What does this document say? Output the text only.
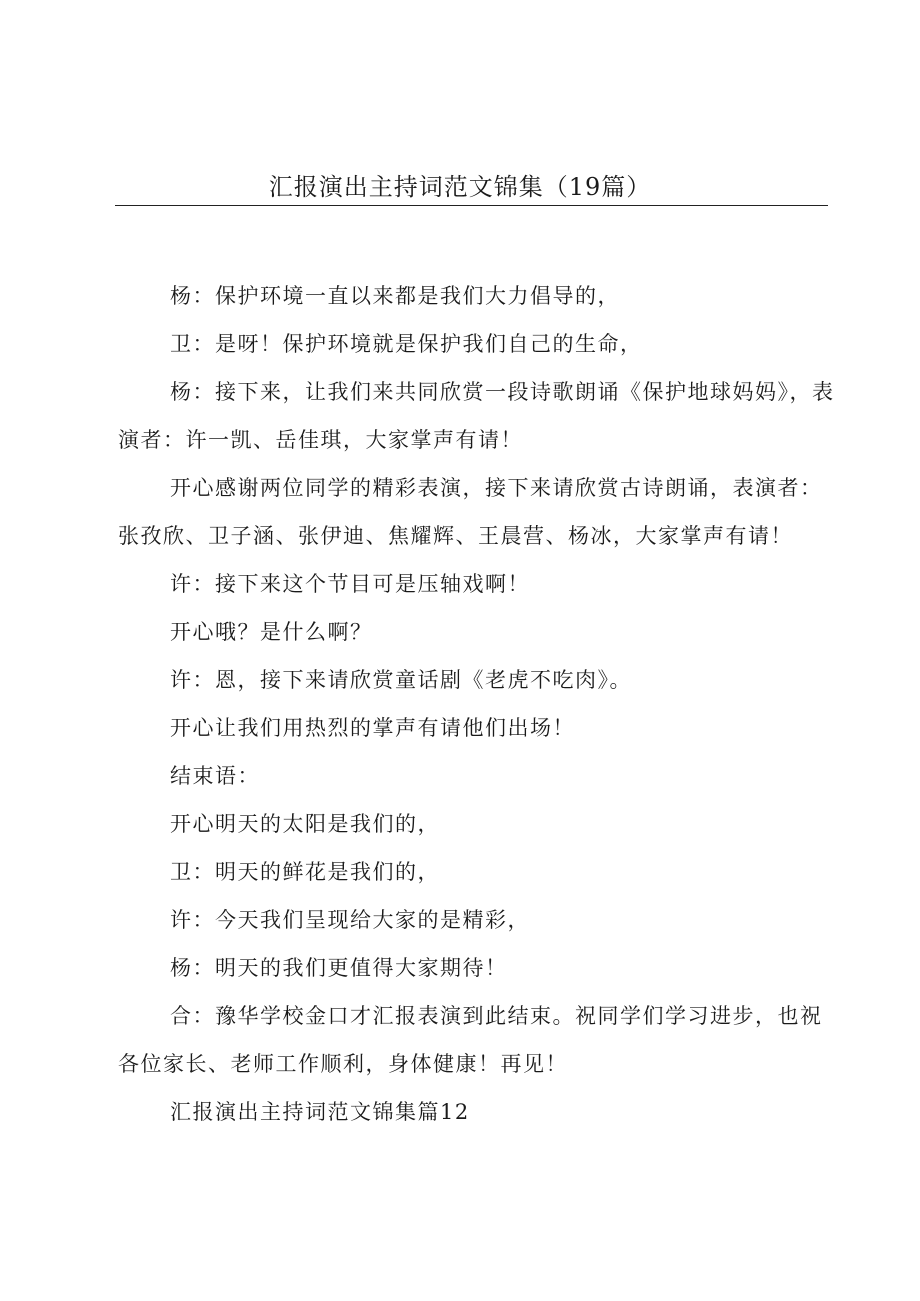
汇报演出主持词范文锦集（19篇）

杨：保护环境一直以来都是我们大力倡导的，

卫：是呀！保护环境就是保护我们自己的生命，

杨：接下来，让我们来共同欣赏一段诗歌朗诵《保护地球妈妈》，表演者：许一凯、岳佳琪，大家掌声有请！

开心感谢两位同学的精彩表演，接下来请欣赏古诗朗诵，表演者：张孜欣、卫子涵、张伊迪、焦耀辉、王晨营、杨冰，大家掌声有请！

许：接下来这个节目可是压轴戏啊！

开心哦？是什么啊？

许：恩，接下来请欣赏童话剧《老虎不吃肉》。

开心让我们用热烈的掌声有请他们出场！

结束语：

开心明天的太阳是我们的，

卫：明天的鲜花是我们的，

许：今天我们呈现给大家的是精彩，

杨：明天的我们更值得大家期待！

合：豫华学校金口才汇报表演到此结束。祝同学们学习进步，也祝各位家长、老师工作顺利，身体健康！再见！

汇报演出主持词范文锦集篇12
